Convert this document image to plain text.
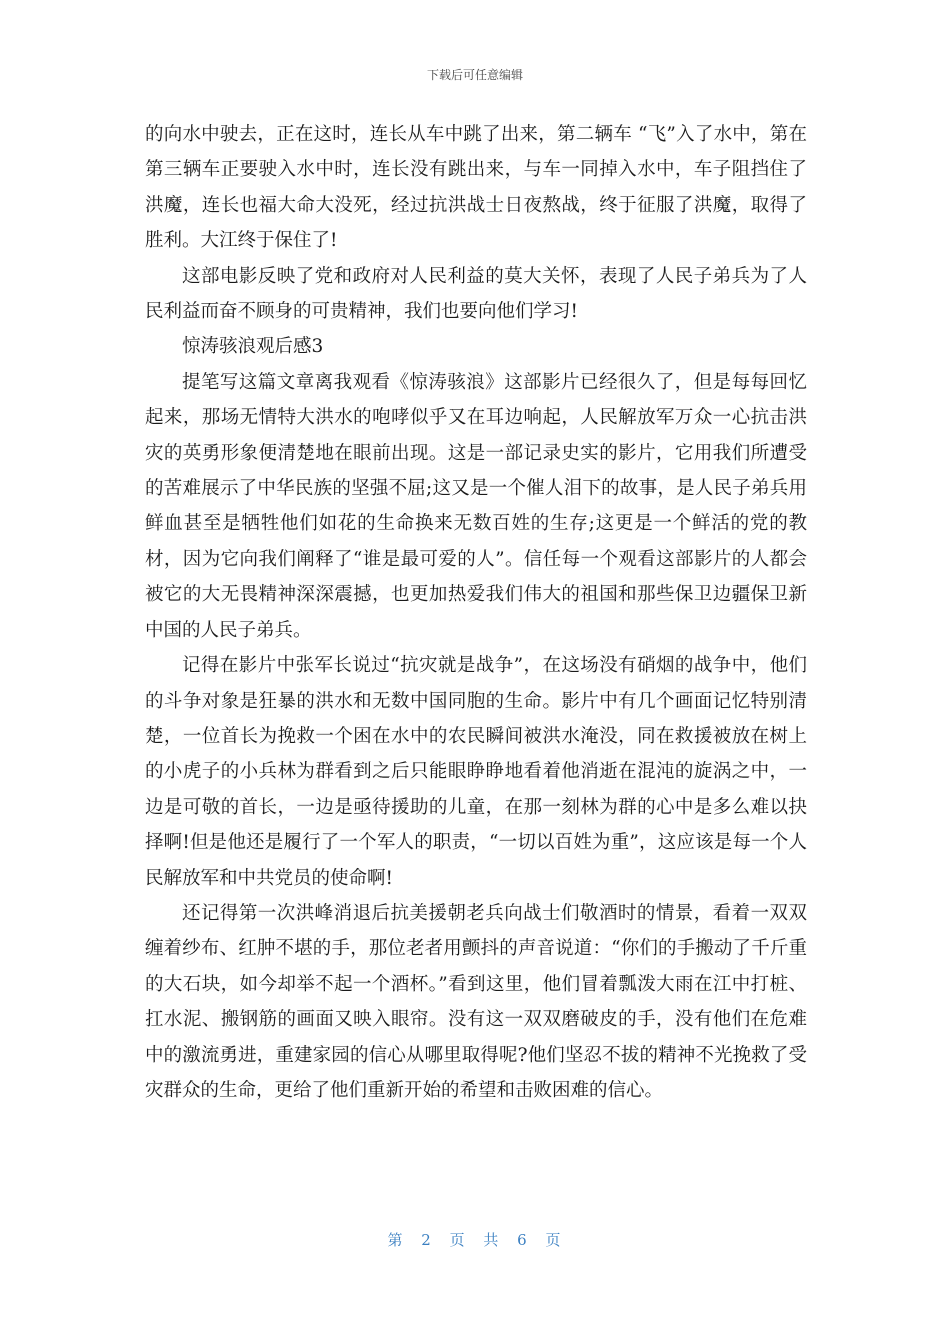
下载后可任意编辑

的向水中驶去，正在这时，连长从车中跳了出来，第二辆车 “飞”入了水中，第在第三辆车正要驶入水中时，连长没有跳出来，与车一同掉入水中，车子阻挡住了洪魔，连长也福大命大没死，经过抗洪战士日夜熬战，终于征服了洪魔，取得了胜利。大江终于保住了!

这部电影反映了党和政府对人民利益的莫大关怀，表现了人民子弟兵为了人民利益而奋不顾身的可贵精神，我们也要向他们学习!

惊涛骇浪观后感3

提笔写这篇文章离我观看《惊涛骇浪》这部影片已经很久了，但是每每回忆起来，那场无情特大洪水的咆哮似乎又在耳边响起，人民解放军万众一心抗击洪灾的英勇形象便清楚地在眼前出现。这是一部记录史实的影片，它用我们所遭受的苦难展示了中华民族的坚强不屈;这又是一个催人泪下的故事，是人民子弟兵用鲜血甚至是牺牲他们如花的生命换来无数百姓的生存;这更是一个鲜活的党的教材，因为它向我们阐释了“谁是最可爱的人”。信任每一个观看这部影片的人都会被它的大无畏精神深深震撼，也更加热爱我们伟大的祖国和那些保卫边疆保卫新中国的人民子弟兵。

记得在影片中张军长说过“抗灾就是战争”，在这场没有硝烟的战争中，他们的斗争对象是狂暴的洪水和无数中国同胞的生命。影片中有几个画面记忆特别清楚，一位首长为挽救一个困在水中的农民瞬间被洪水淹没，同在救援被放在树上的小虎子的小兵林为群看到之后只能眼睁睁地看着他消逝在混沌的旋涡之中，一边是可敬的首长，一边是亟待援助的儿童，在那一刻林为群的心中是多么难以抉择啊!但是他还是履行了一个军人的职责，“一切以百姓为重”，这应该是每一个人民解放军和中共党员的使命啊!

还记得第一次洪峰消退后抗美援朝老兵向战士们敬酒时的情景，看着一双双缠着纱布、红肿不堪的手，那位老者用颤抖的声音说道：“你们的手搬动了千斤重的大石块，如今却举不起一个酒杯。”看到这里，他们冒着瓢泼大雨在江中打桩、扛水泥、搬钢筋的画面又映入眼帘。没有这一双双磨破皮的手，没有他们在危难中的激流勇进，重建家园的信心从哪里取得呢?他们坚忍不拔的精神不光挽救了受灾群众的生命，更给了他们重新开始的希望和击败困难的信心。

第 2 页 共 6 页
